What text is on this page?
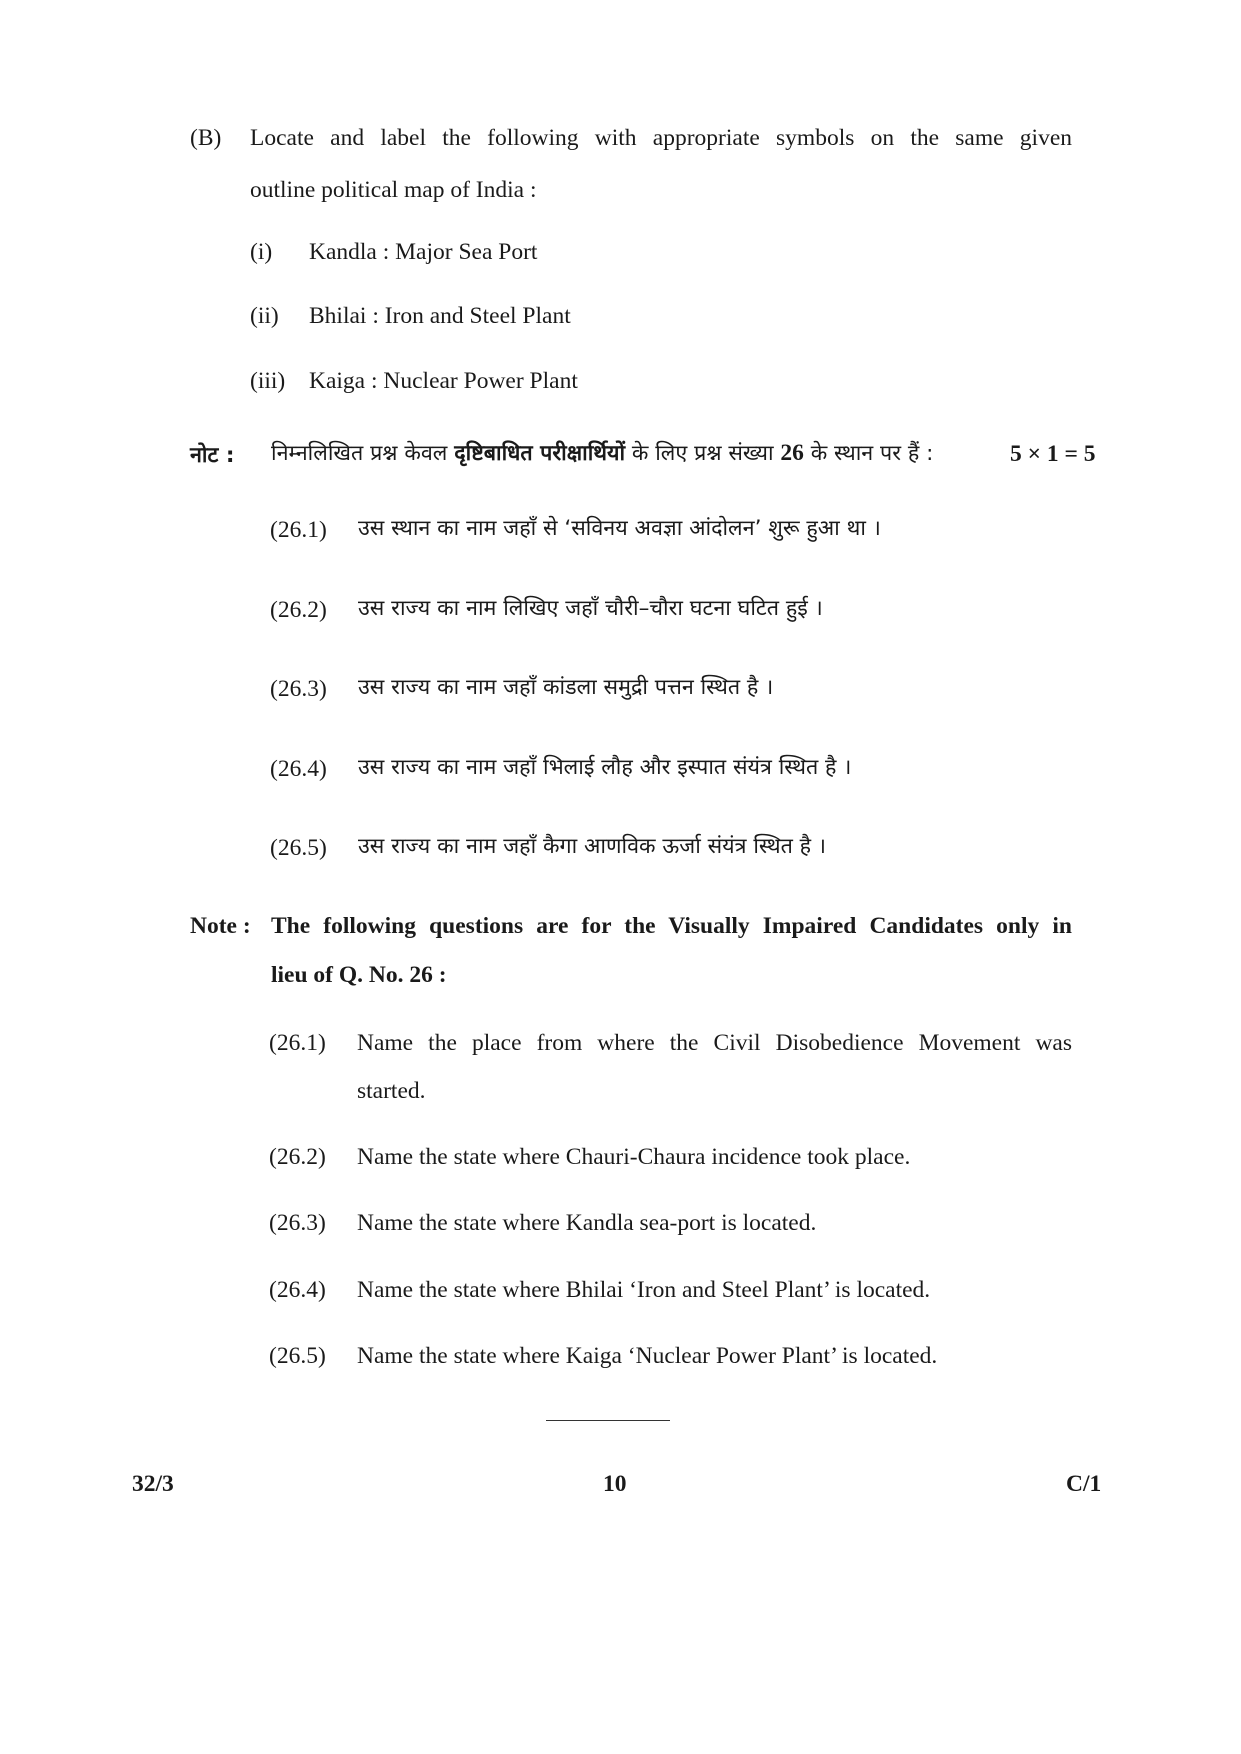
(B) Locate and label the following with appropriate symbols on the same given
outline political map of India :
(i) Kandla : Major Sea Port
(ii) Bhilai : Iron and Steel Plant
(iii) Kaiga : Nuclear Power Plant
नोट : निम्नलिखित प्रश्न केवल दृष्टिबाधित परीक्षार्थियों के लिए प्रश्न संख्या 26 के स्थान पर हैं :	5 × 1 = 5
(26.1) उस स्थान का नाम जहाँ से ‘सविनय अवज्ञा आंदोलन’ शुरू हुआ था ।
(26.2) उस राज्य का नाम लिखिए जहाँ चौरी–चौरा घटना घटित हुई ।
(26.3) उस राज्य का नाम जहाँ कांडला समुद्री पत्तन स्थित है ।
(26.4) उस राज्य का नाम जहाँ भिलाई लौह और इस्पात संयंत्र स्थित है ।
(26.5) उस राज्य का नाम जहाँ कैगा आणविक ऊर्जा संयंत्र स्थित है ।
Note : The following questions are for the Visually Impaired Candidates only in
lieu of Q. No. 26 :
(26.1) Name the place from where the Civil Disobedience Movement was
started.
(26.2) Name the state where Chauri-Chaura incidence took place.
(26.3) Name the state where Kandla sea-port is located.
(26.4) Name the state where Bhilai ‘Iron and Steel Plant’ is located.
(26.5) Name the state where Kaiga ‘Nuclear Power Plant’ is located.
32/3	10	C/1
